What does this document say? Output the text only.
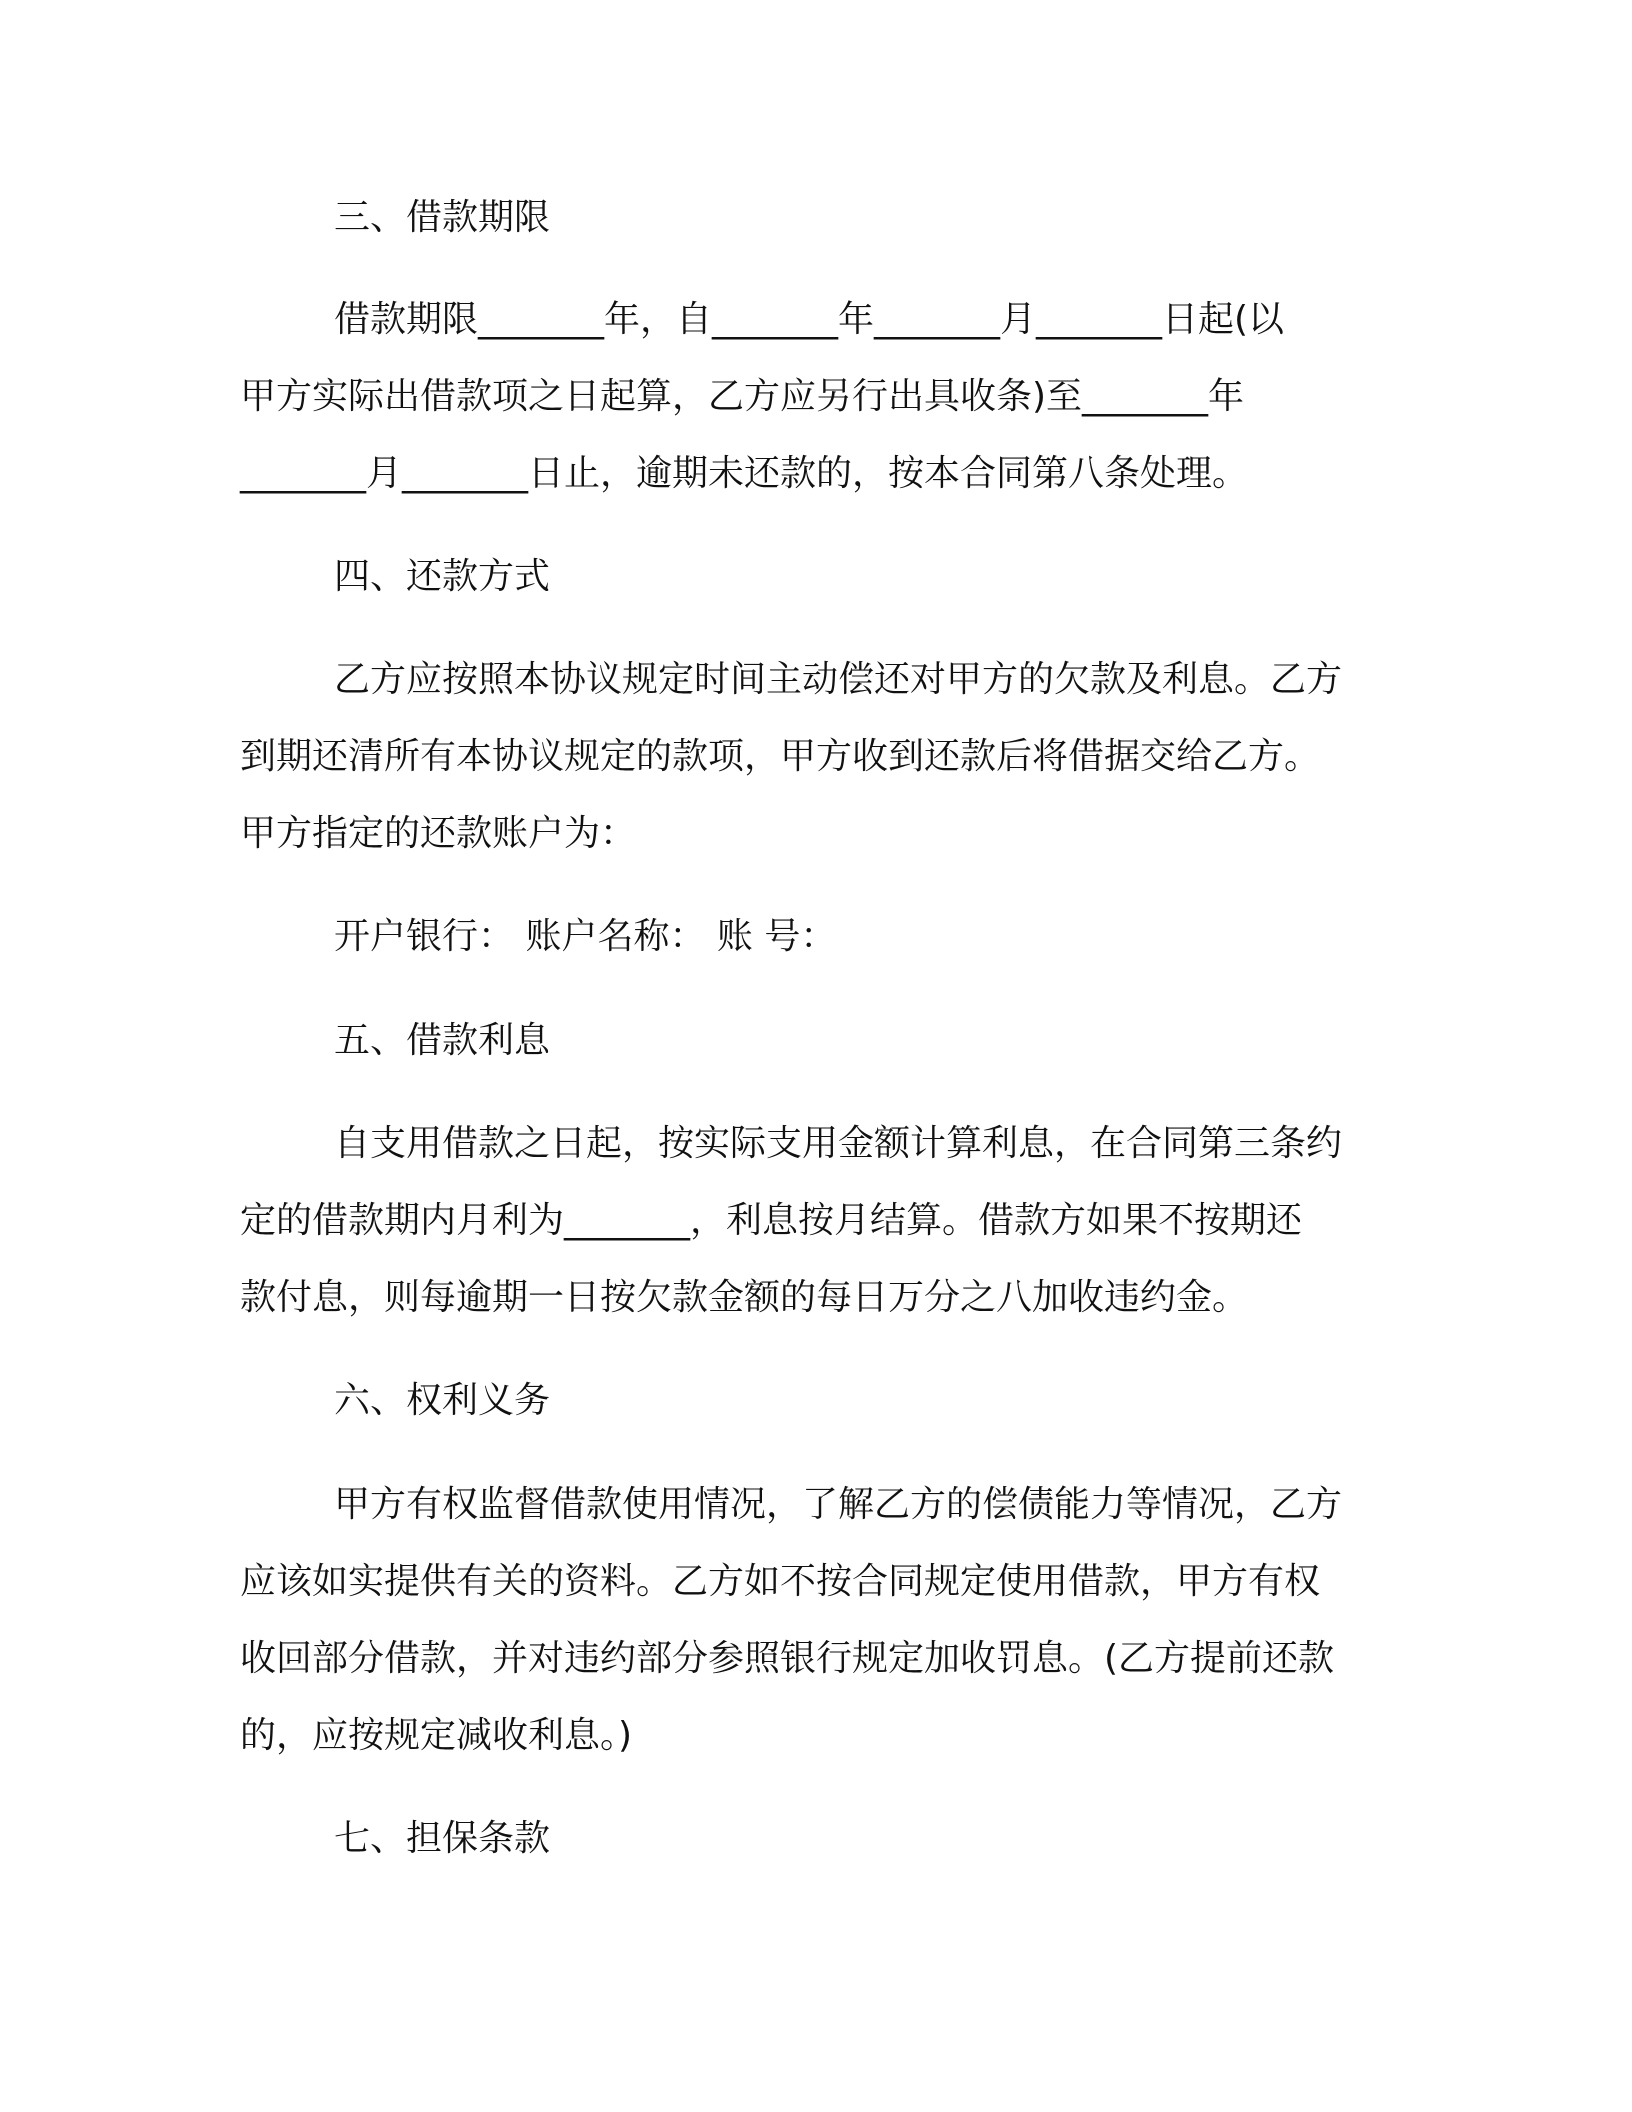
三、借款期限
借款期限_______年，自_______年_______月_______日起(以
甲方实际出借款项之日起算，乙方应另行出具收条)至_______年
_______月_______日止，逾期未还款的，按本合同第八条处理。
四、还款方式
乙方应按照本协议规定时间主动偿还对甲方的欠款及利息。乙方
到期还清所有本协议规定的款项，甲方收到还款后将借据交给乙方。
甲方指定的还款账户为：
开户银行： 账户名称： 账 号：
五、借款利息
自支用借款之日起，按实际支用金额计算利息，在合同第三条约
定的借款期内月利为_______，利息按月结算。借款方如果不按期还
款付息，则每逾期一日按欠款金额的每日万分之八加收违约金。
六、权利义务
甲方有权监督借款使用情况，了解乙方的偿债能力等情况，乙方
应该如实提供有关的资料。乙方如不按合同规定使用借款，甲方有权
收回部分借款，并对违约部分参照银行规定加收罚息。(乙方提前还款
的，应按规定减收利息。)
七、担保条款
